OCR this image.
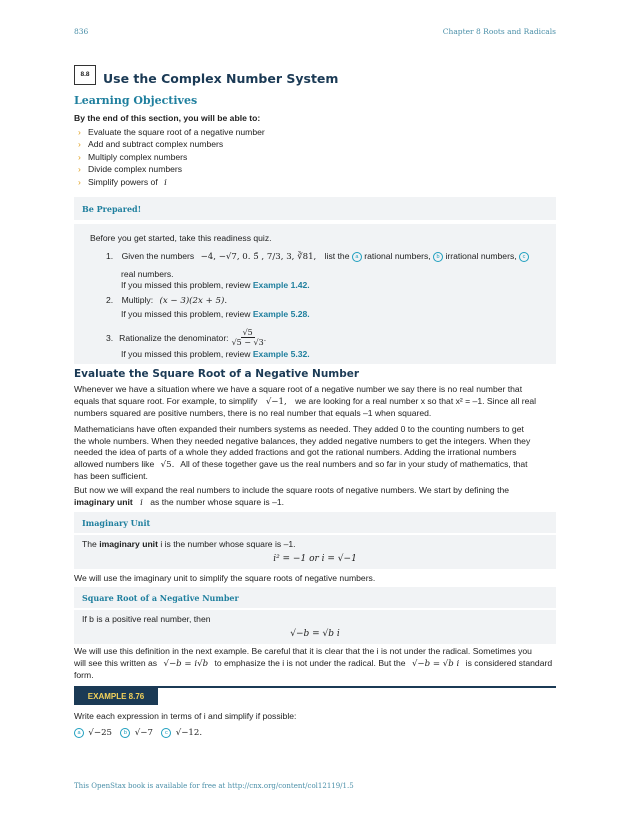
836	Chapter 8 Roots and Radicals
8.8	Use the Complex Number System
Learning Objectives
By the end of this section, you will be able to:
› Evaluate the square root of a negative number
› Add and subtract complex numbers
› Multiply complex numbers
› Divide complex numbers
› Simplify powers of i
Be Prepared!
Before you get started, take this readiness quiz.
1. Given the numbers −4, −√7, 0. 5̄ , 7/3, 3, ∛81, list the a rational numbers, b irrational numbers, c
real numbers.
If you missed this problem, review Example 1.42.
2. Multiply: (x − 3)(2x + 5).
If you missed this problem, review Example 5.28.
3. Rationalize the denominator: √5
√5 − √3 .
If you missed this problem, review Example 5.32.
Evaluate the Square Root of a Negative Number
Whenever we have a situation where we have a square root of a negative number we say there is no real number that
equals that square root. For example, to simplify √−1, we are looking for a real number x so that x² = –1. Since all real
numbers squared are positive numbers, there is no real number that equals –1 when squared.
Mathematicians have often expanded their numbers systems as needed. They added 0 to the counting numbers to get
the whole numbers. When they needed negative balances, they added negative numbers to get the integers. When they
needed the idea of parts of a whole they added fractions and got the rational numbers. Adding the irrational numbers
allowed numbers like √5. All of these together gave us the real numbers and so far in your study of mathematics, that
has been sufficient.
But now we will expand the real numbers to include the square roots of negative numbers. We start by defining the
imaginary unit i as the number whose square is –1.
Imaginary Unit
The imaginary unit i is the number whose square is –1.
i² = −1 or i = √−1
We will use the imaginary unit to simplify the square roots of negative numbers.
Square Root of a Negative Number
If b is a positive real number, then
√−b = √b i
We will use this definition in the next example. Be careful that it is clear that the i is not under the radical. Sometimes you
will see this written as √−b = i√b to emphasize the i is not under the radical. But the √−b = √b i is considered standard
form.
EXAMPLE 8.76
Write each expression in terms of i and simplify if possible:
a √−25 b √−7 c √−12.
This OpenStax book is available for free at http://cnx.org/content/col12119/1.5
